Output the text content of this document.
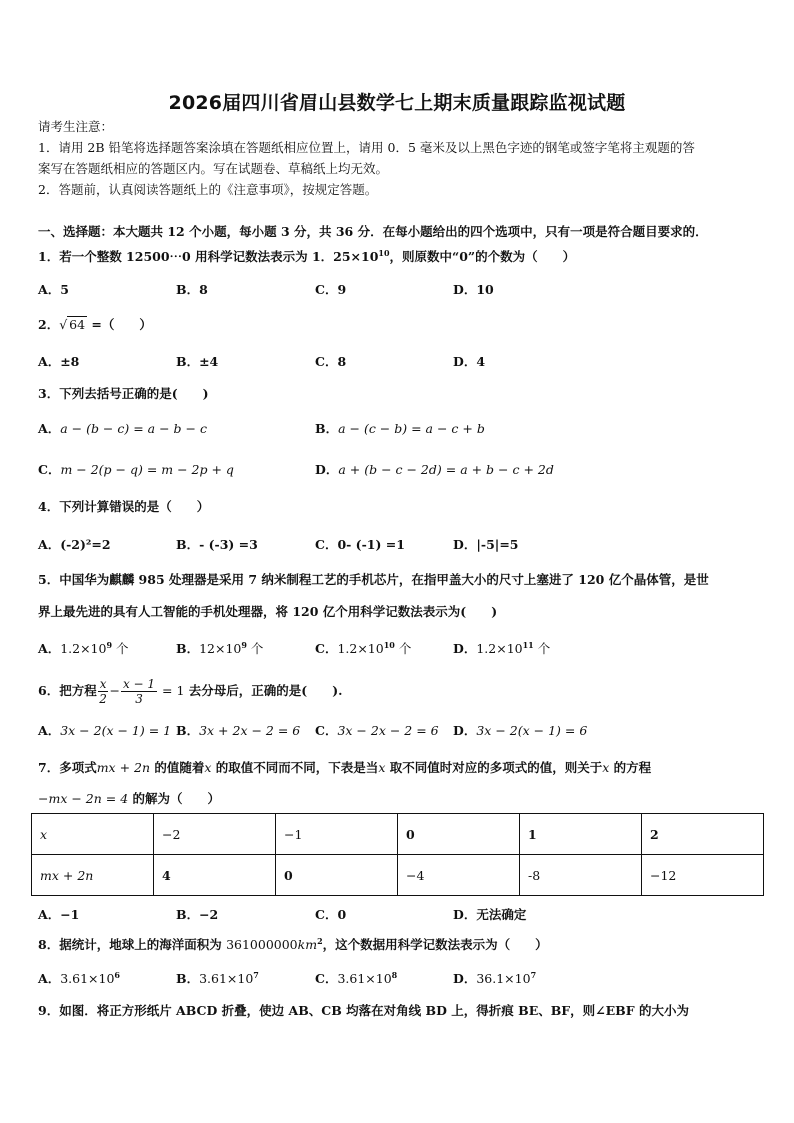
2026届四川省眉山县数学七上期末质量跟踪监视试题
请考生注意：
1．请用 2B 铅笔将选择题答案涂填在答题纸相应位置上，请用 0．5 毫米及以上黑色字迹的钢笔或签字笔将主观题的答
案写在答题纸相应的答题区内。写在试题卷、草稿纸上均无效。
2．答题前，认真阅读答题纸上的《注意事项》，按规定答题。
一、选择题：本大题共 12 个小题，每小题 3 分，共 36 分．在每小题给出的四个选项中，只有一项是符合题目要求的．
1．若一个整数 12500⋯0 用科学记数法表示为 1．$25\times 10^{10}$，则原数中“0”的个数为（　　）
A．5	B．8	C．9	D．10
2．√ 64 =（　　）
A．±8	B．±4	C．8	D．4
3．下列去括号正确的是(　　)
A．a − (b − c) = a − b − c	B．a − (c − b) = a − c + b
C．m − 2(p − q) = m − 2p + q	D．a + (b − c − 2d) = a + b − c + 2d
4．下列计算错误的是（　　）
A．(-2)²=2	B．- (-3) =3	C．0- (-1) =1	D．|-5|=5
5．中国华为麒麟 985 处理器是采用 7 纳米制程工艺的手机芯片，在指甲盖大小的尺寸上塞进了 120 亿个晶体管，是世
界上最先进的具有人工智能的手机处理器，将 120 亿个用科学记数法表示为(　　)
A．$1.2\times 10^9$ 个	B．$12\times 10^9$ 个	C．$1.2\times 10^{10}$ 个	D．$1.2\times 10^{11}$ 个
6．把方程 $\frac{x}{2} - \frac{x - 1}{3} = 1$ 去分母后，正确的是(　　).
A．3x − 2(x − 1) = 1 B．3x + 2x − 2 = 6 C．3x − 2x − 2 = 6 D．3x − 2(x − 1) = 6
7．多项式mx + 2n 的值随着x 的取值不同而不同，下表是当x 取不同值时对应的多项式的值，则关于x 的方程
−mx − 2n = 4 的解为（　　）
x	−2	−1	0	1	2
mx + 2n	4	0	−4	-8	−12
A．−1	B．−2	C．0	D．无法确定
8．据统计，地球上的海洋面积为 $361000000km^2$，这个数据用科学记数法表示为（　　）
A．$3.61\times 10^6$	B．$3.61\times 10^7$	C．$3.61\times 10^8$	D．$36.1\times 10^7$
9．如图．将正方形纸片 ABCD 折叠，使边 AB、CB 均落在对角线 BD 上，得折痕 BE、BF，则∠EBF 的大小为
